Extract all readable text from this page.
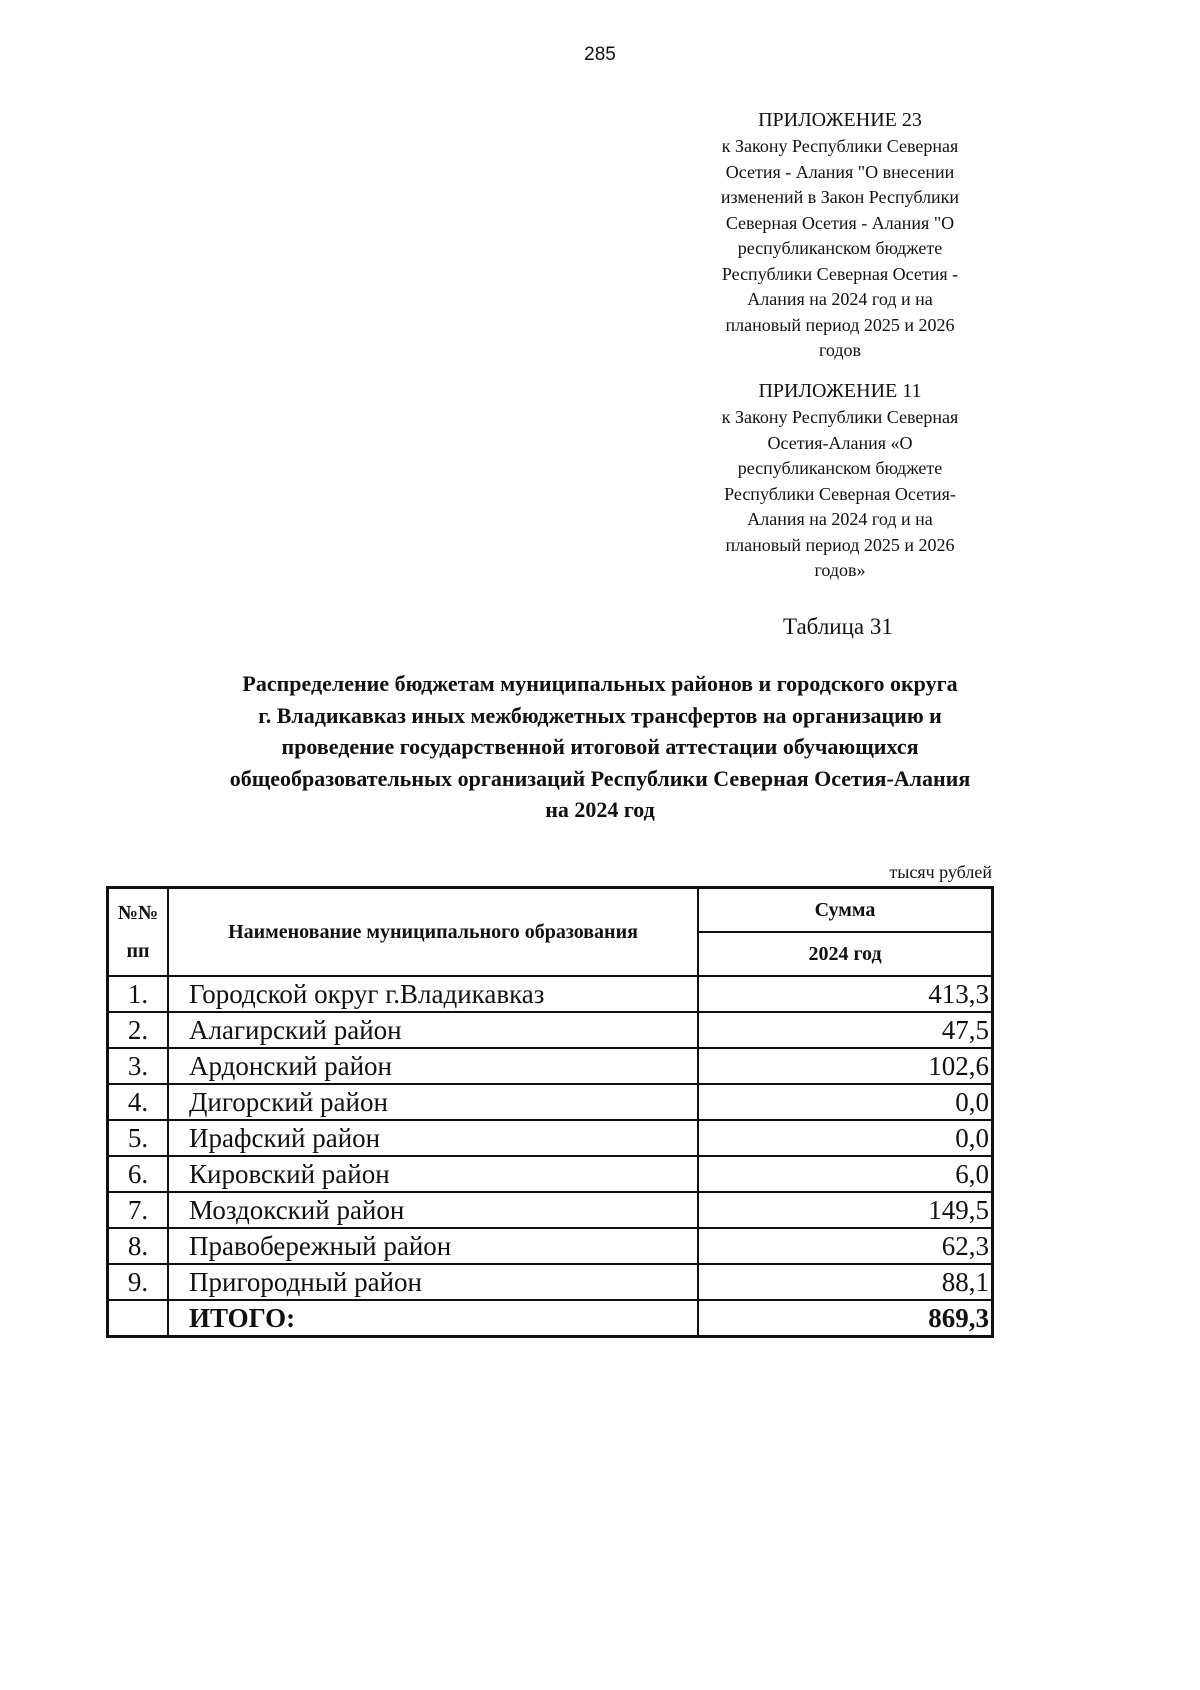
285
ПРИЛОЖЕНИЕ 23
к Закону Республики Северная
Осетия - Алания "О внесении
изменений в Закон Республики
Северная Осетия - Алания "О
республиканском бюджете
Республики Северная Осетия -
Алания на 2024 год и на
плановый период 2025 и 2026
годов
ПРИЛОЖЕНИЕ 11
к Закону Республики Северная
Осетия-Алания «О
республиканском бюджете
Республики Северная Осетия-
Алания на 2024 год и на
плановый период 2025 и 2026
годов»
Таблица 31
Распределение бюджетам муниципальных районов и городского округа
г. Владикавказ иных межбюджетных трансфертов на организацию и
проведение государственной итоговой аттестации обучающихся
общеобразовательных организаций Республики Северная Осетия-Алания
на 2024 год
тысяч рублей
№№
пп	Наименование муниципального образования	Сумма
		2024 год
1.	Городской округ г.Владикавказ	413,3
2.	Алагирский район	47,5
3.	Ардонский район	102,6
4.	Дигорский район	0,0
5.	Ирафский район	0,0
6.	Кировский район	6,0
7.	Моздокский район	149,5
8.	Правобережный район	62,3
9.	Пригородный район	88,1
	ИТОГО:	869,3
